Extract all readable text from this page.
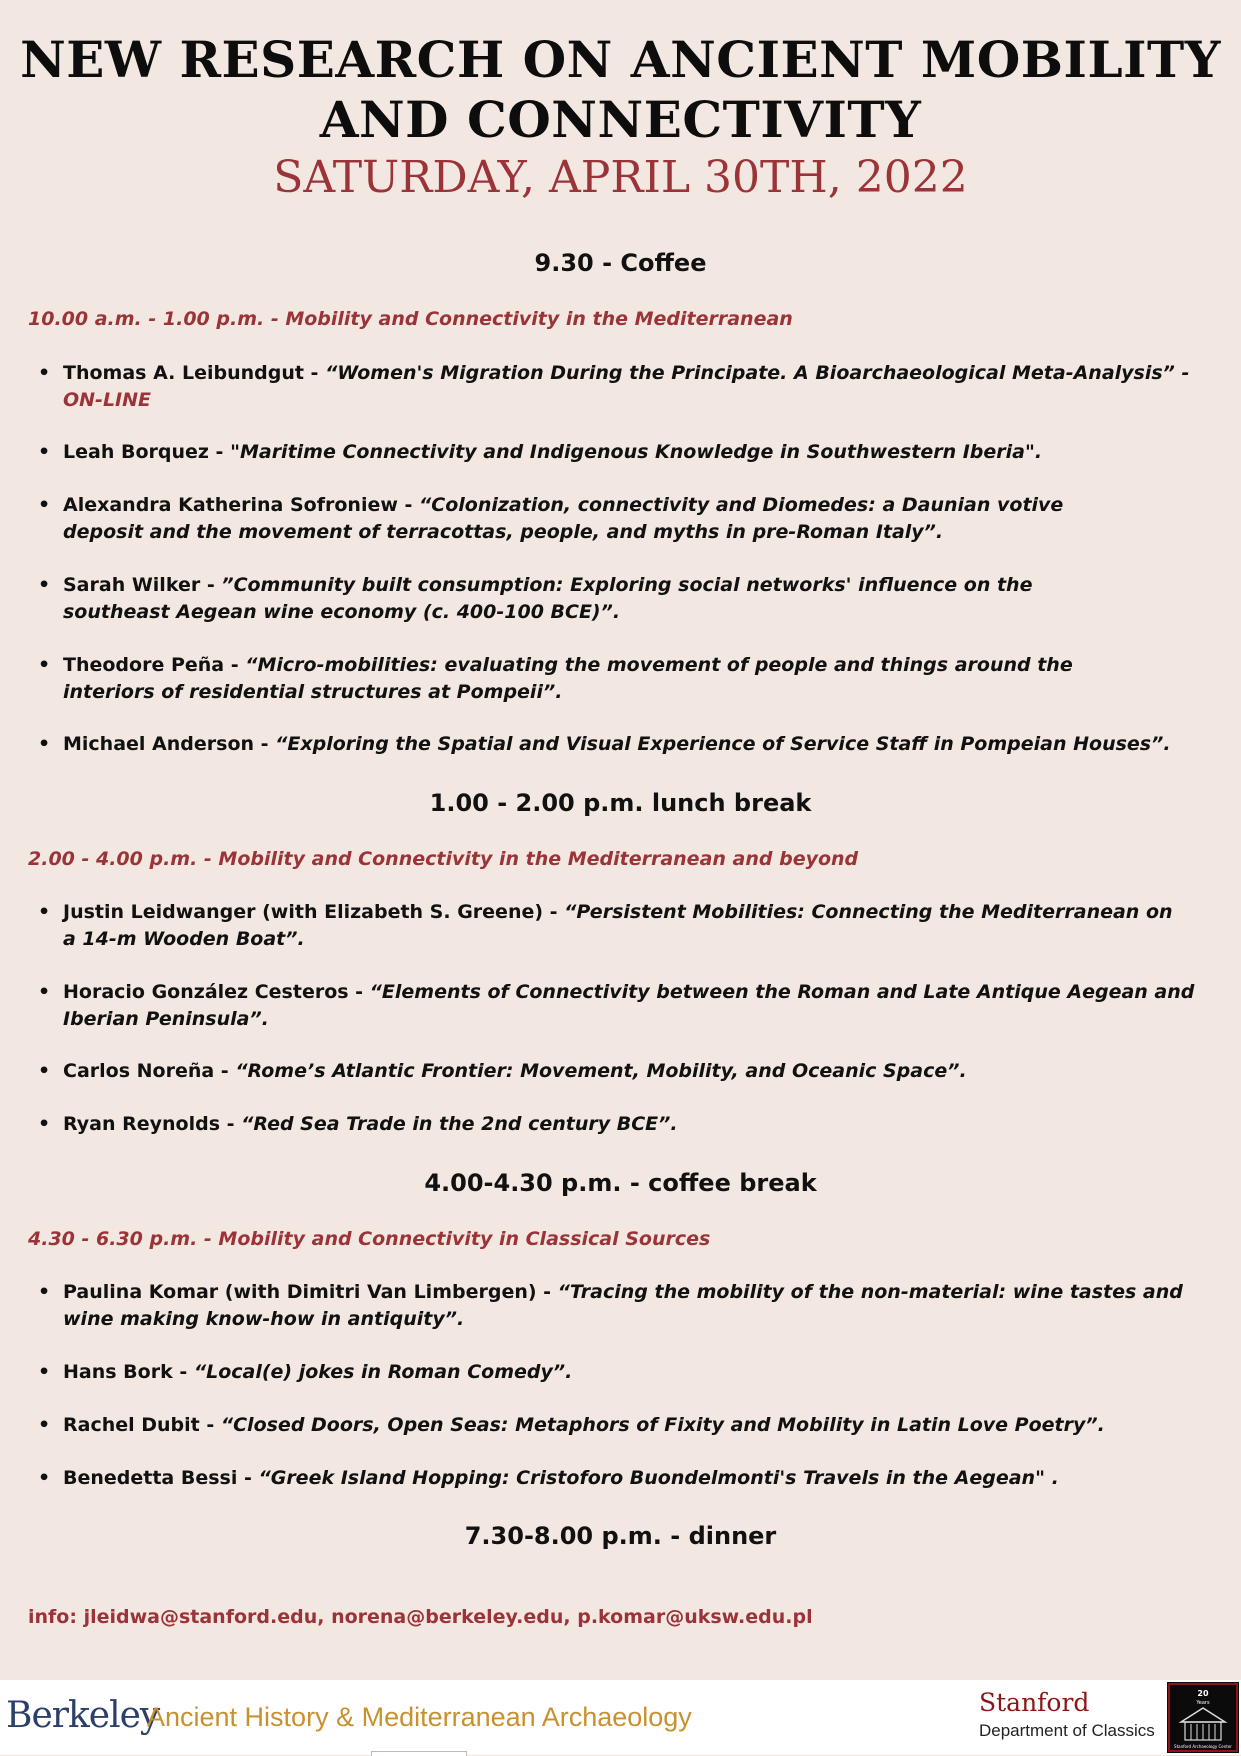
NEW RESEARCH ON ANCIENT MOBILITY
AND CONNECTIVITY
SATURDAY, APRIL 30TH, 2022
9.30 - Coffee
10.00 a.m. - 1.00 p.m. - Mobility and Connectivity in the Mediterranean
• Thomas A. Leibundgut - “Women's Migration During the Principate. A Bioarchaeological Meta-Analysis” -
ON-LINE
• Leah Borquez - "Maritime Connectivity and Indigenous Knowledge in Southwestern Iberia".
• Alexandra Katherina Sofroniew - “Colonization, connectivity and Diomedes: a Daunian votive
deposit and the movement of terracottas, people, and myths in pre-Roman Italy”.
• Sarah Wilker - ”Community built consumption: Exploring social networks' influence on the
southeast Aegean wine economy (c. 400-100 BCE)”.
• Theodore Peña - “Micro-mobilities: evaluating the movement of people and things around the
interiors of residential structures at Pompeii”.
• Michael Anderson - “Exploring the Spatial and Visual Experience of Service Staff in Pompeian Houses”.
1.00 - 2.00 p.m. lunch break
2.00 - 4.00 p.m. - Mobility and Connectivity in the Mediterranean and beyond
• Justin Leidwanger (with Elizabeth S. Greene) - “Persistent Mobilities: Connecting the Mediterranean on
a 14-m Wooden Boat”.
• Horacio González Cesteros - “Elements of Connectivity between the Roman and Late Antique Aegean and
Iberian Peninsula”.
• Carlos Noreña - “Rome’s Atlantic Frontier: Movement, Mobility, and Oceanic Space”.
• Ryan Reynolds - “Red Sea Trade in the 2nd century BCE”.
4.00-4.30 p.m. - coffee break
4.30 - 6.30 p.m. - Mobility and Connectivity in Classical Sources
• Paulina Komar (with Dimitri Van Limbergen) - “Tracing the mobility of the non-material: wine tastes and
wine making know-how in antiquity”.
• Hans Bork - “Local(e) jokes in Roman Comedy”.
• Rachel Dubit - “Closed Doors, Open Seas: Metaphors of Fixity and Mobility in Latin Love Poetry”.
• Benedetta Bessi - “Greek Island Hopping: Cristoforo Buondelmonti's Travels in the Aegean" .
7.30-8.00 p.m. - dinner
info: jleidwa@stanford.edu, norena@berkeley.edu, p.komar@uksw.edu.pl
Berkeley
Ancient History & Mediterranean Archaeology	Stanford
Department of Classics
20
Years
Stanford Archaeology Center
